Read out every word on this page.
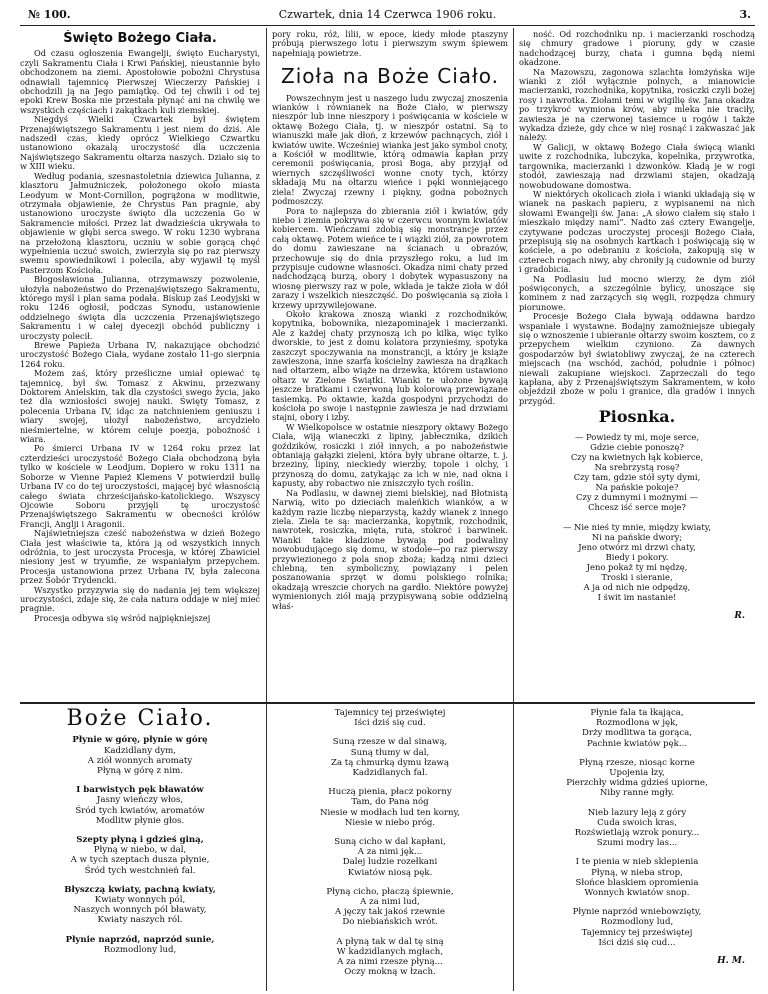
№ 100.	Czwartek, dnia 14 Czerwca 1906 roku.	3.
Święto Bożego Ciała.

Od czasu ogłoszenia Ewangelji, święto Eucharystyi, czyli Sakramentu Ciała i Krwi Pańskiej, nieustannie było obchodzonem na ziemi. Apostołowie pobożni Chrystusa odnawiali tajemnicę Pierwszej Wieczerzy Pańskiej i obchodzili ją na Jego pamiątkę. Od tej chwili i od tej epoki Krew Boska nie przestała płynąć ani na chwilę we wszystkich częściach i zakątkach kuli ziemskiej.

Niegdyś Wielki Czwartek był świętem Przenajświętszego Sakramentu i jest niem do dziś. Ale nadszedł czas, kiedy oprócz Wielkiego Czwartku ustanowiono okazalą uroczystość dla uczczenia Najświętszego Sakramentu ołtarza naszych. Działo się to w XIII wieku.

Według podania, szesnastoletnia dziewica Julianna, z klasztoru Jałmużniczek, położonego około miasta Leodyum w Mont-Cornillon, pogrążona w modlitwie, otrzymała objawienie, że Chrystus Pan pragnie, aby ustanowiono uroczyste święto dla uczczenia Go w Sakramencie miłości. Przez lat dwadzieścia ukrywała to objawienie w głębi serca swego. W roku 1230 wybrana na przełożoną klasztoru, uczniu w sobie gorącą chęć wypełnienia uczuć swoich, zwierzyła się po raz pierwszy swemu spowiednikowi i polecila, aby wyjawił tę myśl Pasterzom Kościoła.

Błogosławiona Julianna, otrzymawszy pozwolenie, ułożyła nabożeństwo do Przenajświętszego Sakramentu, którego myśl i plan sama podała. Biskup zaś Leodyjski w roku 1246 ogłosił, podczas Synodu, ustanowienie oddzielnego święta dla uczczenia Przenajświętszego Sakramentu i w całej dyecezji obchód publiczny i uroczysty polecił.

Brewe Papieża Urbana IV, nakazujące obchodzić uroczystość Bożego Ciała, wydane zostało 11-go sierpnia 1264 roku.

Możem zaś, który prześliczne umiał opiewać tę tajemnicę, był św. Tomasz z Akwinu, przezwany Doktorem Anielskim, tak dla czystości swego życia, jako też dla wzniosłości swojej nauki. Święty Tomasz, z polecenia Urbana IV, idąc za natchnieniem geniuszu i wiary swojej, ułożył nabożeństwo, arcydzieło nieśmiertelne, w którem celuje poezja, pobożność i wiara.

Po śmierci Urbana IV w 1264 roku przez lat czterdzieści uroczystość Bożego Ciała obchodzoną była tylko w kościele w Leodjum. Dopiero w roku 1311 na Soborze w Vienne Papież Klemens V potwierdził bullę Urbana IV co do tej uroczystości, mającej być własnością całego świata chrześcijańsko-katolickiego. Wszyscy Ojcowie Soboru przyjęli tę uroczystość Przenajświętszego Sakramentu w obecności królów Francji, Anglji i Aragonii.

Najświetniejsza cześć nabożeństwa w dzień Bożego Ciała jest właściwie ta, która ją od wszystkich innych odróżnia, to jest uroczysta Procesja, w której Zbawiciel niesiony jest w tryumfie, ze wspaniałym przepychem. Procesja ustanowiona przez Urbana IV, była zalecona przez Sobór Trydencki.

Wszystko przyzywia się do nadania jej tem większej uroczystości, zdaje się, że cała natura oddaje w niej mieć pragnie.

Procesja odbywa się wśród najpiękniejszej

pory roku, róż, lilii, w epoce, kiedy młode ptaszyny próbują pierwszego lotu i pierwszym swym śpiewem napełniają powietrze.

Zioła na Boże Ciało.

Powszechnym jest u naszego ludu zwyczaj znoszenia wianków i równianek na Boże Ciało, w pierwszy nieszpór lub inne nieszpory i poświęcania w kościele w oktawę Bożego Ciała, tj. w nieszpór ostatni. Są to wianuszki małe jak dłoń, z krzewów pachnących, ziół i kwiatów uwite. Wcześniej wianka jest jako symbol cnoty, a Kościół w modlitwie, którą odmawia kapłan przy ceremonii poświęcania, prosi Boga, aby przyjął od wiernych szczęśliwości wonne cnoty tych, którzy składają Mu na ołtarzu wieńce i pęki wonniejącego ziela! Zwyczaj rzewny i piękny, godna pobożnych podmoszczy.

Pora to najlepsza do zbierania ziół i kwiatów, gdy niebo i ziemia pokrywa się w czerwcu wonnym kwiatów kobiercem. Wieńczami zdobią się monstrancje przez całą oktawę. Potem wieńce te i wiązki ziół, za powrotem do domu zawieszane na ścianach u obrazów, przechowuje się do dnia przyszłego roku, a lud im przypisuje cudowne własności. Okadza nimi chaty przed nadchodzącą burzą, obory i dobytek wypasuszony na wiosnę pierwszy raz w pole, wkłada je także zioła w dół zarazy i wszelkich nieszczęść. Do poświęcania są zioła i krzewy uprzywilejowane.

Około krakowa znoszą wianki z rozchodników, kopytnika, bobownika, niezapominajek i macierzanki. Ale z każdej chaty przynoszą ich po kilka, więc tylko dworskie, to jest z domu kolatora przynieśmy, spotyka zaszczyt spoczywania na monstrancji, a który je książe zawieszona, inne szarfa kościelny zawiesza na drążkach nad ołtarzem, albo wiąże na drzewka, którem ustawiono ołtarz w Zielone Świątki. Wianki te ułożone bywają jeszcze bratkami i czerwoną lub kolorową przewiązane tasiemką. Po oktawie, każda gospodyni przychodzi do kościoła po swoje i następnie zawiesza je nad drzwiami stajni, obory i izby.

W Wielkopolsce w ostatnie nieszpory oktawy Bożego Ciała, wiją wianeczki z lipiny, jabłecznika, dzikich goździków, rosiczki i ziół innych, a po nabożeństwie obtaniają gałązki zieleni, która były ubrane ołtarze, t. j. brzeziny, lipiny, nieckiedy wierzby, topole i olchy, i przynoszą do domu, zatykając za ich w nie, nad okna i kapusty, aby robactwo nie zniszczyło tych roślin.

Na Podlasiu, w dawnej ziemi bielskiej, nad Błotnistą Narwią, wito po dzieciach maleńkich wianków, a w każdym razie liczbę nieparzystą, każdy wianek z innego ziela. Ziela te są: macierzanka, kopytnik, rozchodnik, nawrotek, rosiczka, mięta, ruta, stokroć i barwinek. Wianki takie kładzione bywają pod podwaliny nowobudującego się domu, w stodole—po raz pierwszy przywiezionego z pola snop zboża; kadzą nimi dzieci chlebną, ten symboliczny, powiązany i pelen poszanowania sprzęt w domu polskiego rolnika; okadzają wreszcie chorych na gardło. Niektóre powyżej wymienionych ziół mają przypisywaną sobie oddzielną właś-

ność. Od rozchodniku np. i macierzanki roschodzą się chmury gradowe i pioruny, gdy w czasie nadchodzącej burzy, chata i gumna będą niemi okadzone.

Na Mazowszu, zagonowa szlachta łomżyńska wije wianki z ziół wyłącznie polnych, a mianowicie macierzanki, rozchodnika, kopytnika, rosiczki czyli bożej rosy i nawrotka. Ziołami temi w wigilię św. Jana okadza po trzykroć wymiona krów, aby mleka nie traciły, zawiesza je na czerwonej tasiemce u rogów i także wykadza dzieże, gdy chce w niej rosnąć i zakwaszać jak należy.

W Galicji, w oktawę Bożego Ciała święcą wianki uwite z rozchodnika, lubczyka, kopelnika, przywrotka, targownika, macierzanki i dzwonków. Kładą je w rogi stodół, zawieszają nad drzwiami stajen, okadzają nowobudowane domostwa.

W niektórych okolicach zioła i wianki układają się w wianek na paskach papieru, z wypisanemi na nich słowami Ewangelji św. Jana: „A słowo ciałem się stało i mieszkało między nami”. Nadto zaś cztery Ewangelje, czytywane podczas uroczystej procesji Bożego Ciała, przepisują się na osobnych kartkach i poświęcają się w kościele, a po odebraniu z kościoła, zakopują się w czterech rogach niwy, aby chroniły ją cudownie od burzy i gradobicia.

Na Podlasiu lud mocno wierzy, że dym ziół poświęconych, a szczególnie bylicy, unoszące się kominem z nad zarzących się węgli, rozpędza chmury piorunowe.

Procesje Bożego Ciała bywają oddawna bardzo wspaniałe i wystawne. Bodajny zamożniejsze ubiegały się o wznoszenie i ubieranie ołtarzy swoim kosztem, co z przepychem wielkim czyniono. Za dawnych gospodarzów był światobliwy zwyczaj, że na czterech miejscach (na wschód, zachód, południe i północ) niewali zakupiane wiejskoci. Zaprzeczali do tego kapłana, aby z Przenajświętszym Sakramentem, w koło objeździł zboże w polu i granice, dla gradów i innych przygód.

Piosnka.
— Powiedz ty mi, moje serce,
Gdzie ciebie ponoszę?
Czy na kwietnych łąk kobierce,
Na srebrzystą rosę?
Czy tam, gdzie stół syty dymi,
Na pańskie pokoje?
Czy z dumnymi i możnymi —
Chcesz iść serce moje?
— Nie nieś ty mnie, między kwiaty,
Ni na pańskie dwory;
Jeno otwórz mi drzwi chaty,
Biedy i pokory.
Jeno pokaż ty mi nędzę,
Troski i sieranie,
A ja od nich nie odpędzę,
I świt im nastanie!
R.
Boże Ciało.
Płynie w górę, płynie w górę
Kadzidlany dym,
A ziół wonnych aromaty
Płyną w górę z nim.
I barwistych pęk bławatów
Jasny wieńczy włos,
Śród tych kwiatów, aromatów
Modlitw płynie głos.
Szepty płyną i gdzieś giną,
Płyną w niebo, w dal,
A w tych szeptach dusza płynie,
Śród tych westchnień fal.
Błyszczą kwiaty, pachną kwiaty,
Kwiaty wonnych pól,
Naszych wonnych pól bławaty,
Kwiaty naszych ról.
Płynie naprzód, naprzód sunie,
Rozmodlony lud,
Tajemnicy tej przeświętej
Iści dziś się cud.
Suną rzesze w dal sinawą,
Suną tłumy w dal,
Za tą chmurką dymu łzawą
Kadzidlanych fal.
Huczą pienia, płacz pokorny
Tam, do Pana nóg
Niesie w modłach lud ten korny,
Niesie w niebo próg.
Suną cicho w dal kapłani,
A za nimi jęk...
Dalej ludzie rozełkani
Kwiatów niosą pęk.
Płyną cicho, płaczą śpiewnie,
A za nimi lud,
A jęczy tak jakoś rzewnie
Do niebiańskich wrót.
A płyną tak w dal tę siną
W kadzidlanych mgłach,
A za nimi rzesze płyną...
Oczy mokną w łzach.
Płynie fala ta łkająca,
Rozmodlona w jęk,
Drży modlitwa ta gorąca,
Pachnie kwiatów pęk...
Płyną rzesze, niosąc korne
Upojenia łzy,
Pierzchły widma gdzieś upiorne,
Niby ranne mgły.
Nieb lazury leją z góry
Cuda swoich kras,
Rozświetlają wzrok ponury...
Szumi modry las...
I te pienia w nieb sklepienia
Płyną, w nieba strop,
Słońce blaskiem opromienia
Wonnych kwiatów snop.
Płynie naprzód wniebowzięty,
Rozmodlony lud,
Tajemnicy tej przeświętej
Iści dziś się cud...
H. M.
